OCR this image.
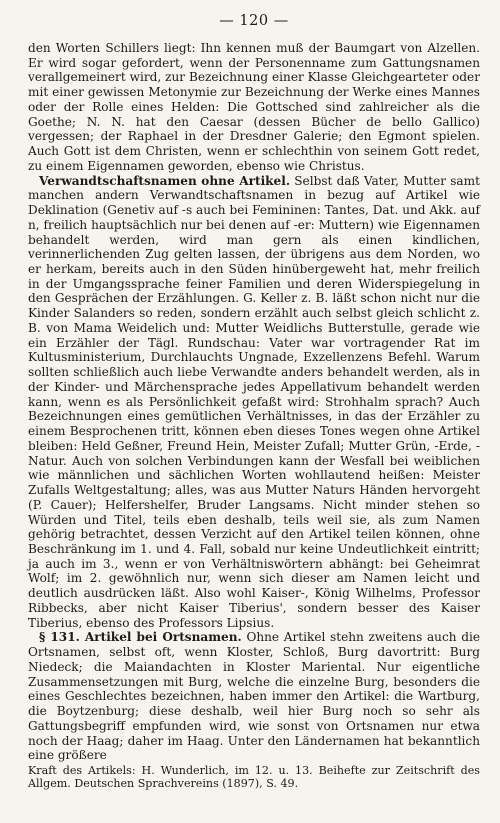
— 120 —

den Worten Schillers liegt: Ihn kennen muß der Baumgart von Alzellen. Er wird sogar gefordert, wenn der Personenname zum Gattungsnamen verallgemeinert wird, zur Bezeichnung einer Klasse Gleichgearteter oder mit einer gewissen Metonymie zur Bezeichnung der Werke eines Mannes oder der Rolle eines Helden: Die Gottsched sind zahlreicher als die Goethe; N. N. hat den Caesar (dessen Bücher de bello Gallico) vergessen; der Raphael in der Dresdner Galerie; den Egmont spielen. Auch Gott ist dem Christen, wenn er schlechthin von seinem Gott redet, zu einem Eigennamen geworden, ebenso wie Christus.

Verwandtschaftsnamen ohne Artikel. Selbst daß Vater, Mutter samt manchen andern Verwandtschaftsnamen in bezug auf Artikel wie Deklination (Genetiv auf -s auch bei Femininen: Tantes, Dat. und Akk. auf n, freilich hauptsächlich nur bei denen auf -er: Muttern) wie Eigennamen behandelt werden, wird man gern als einen kindlichen, verinnerlichenden Zug gelten lassen, der übrigens aus dem Norden, wo er herkam, bereits auch in den Süden hinübergeweht hat, mehr freilich in der Umgangssprache feiner Familien und deren Widerspiegelung in den Gesprächen der Erzählungen. G. Keller z. B. läßt schon nicht nur die Kinder Salanders so reden, sondern erzählt auch selbst gleich schlicht z. B. von Mama Weidelich und: Mutter Weidlichs Butterstulle, gerade wie ein Erzähler der Tägl. Rundschau: Vater war vortragender Rat im Kultusministerium, Durchlauchts Ungnade, Exzellenzens Befehl. Warum sollten schließlich auch liebe Verwandte anders behandelt werden, als in der Kinder- und Märchensprache jedes Appellativum behandelt werden kann, wenn es als Persönlichkeit gefaßt wird: Strohhalm sprach? Auch Bezeichnungen eines gemütlichen Verhältnisses, in das der Erzähler zu einem Besprochenen tritt, können eben dieses Tones wegen ohne Artikel bleiben: Held Geßner, Freund Hein, Meister Zufall; Mutter Grün, -Erde, -Natur. Auch von solchen Verbindungen kann der Wesfall bei weiblichen wie männlichen und sächlichen Worten wohllautend heißen: Meister Zufalls Weltgestaltung; alles, was aus Mutter Naturs Händen hervorgeht (P. Cauer); Helfershelfer, Bruder Langsams. Nicht minder stehen so Würden und Titel, teils eben deshalb, teils weil sie, als zum Namen gehörig betrachtet, dessen Verzicht auf den Artikel teilen können, ohne Beschränkung im 1. und 4. Fall, sobald nur keine Undeutlichkeit eintritt; ja auch im 3., wenn er von Verhältniswörtern abhängt: bei Geheimrat Wolf; im 2. gewöhnlich nur, wenn sich dieser am Namen leicht und deutlich ausdrücken läßt. Also wohl Kaiser-, König Wilhelms, Professor Ribbecks, aber nicht Kaiser Tiberius', sondern besser des Kaiser Tiberius, ebenso des Professors Lipsius.

§ 131. Artikel bei Ortsnamen. Ohne Artikel stehn zweitens auch die Ortsnamen, selbst oft, wenn Kloster, Schloß, Burg davortritt: Burg Niedeck; die Maiandachten in Kloster Mariental. Nur eigentliche Zusammensetzungen mit Burg, welche die einzelne Burg, besonders die eines Geschlechtes bezeichnen, haben immer den Artikel: die Wartburg, die Boytzenburg; diese deshalb, weil hier Burg noch so sehr als Gattungsbegriff empfunden wird, wie sonst von Ortsnamen nur etwa noch der Haag; daher im Haag. Unter den Ländernamen hat bekanntlich eine größere

Kraft des Artikels: H. Wunderlich, im 12. u. 13. Beihefte zur Zeitschrift des Allgem. Deutschen Sprachvereins (1897), S. 49.
